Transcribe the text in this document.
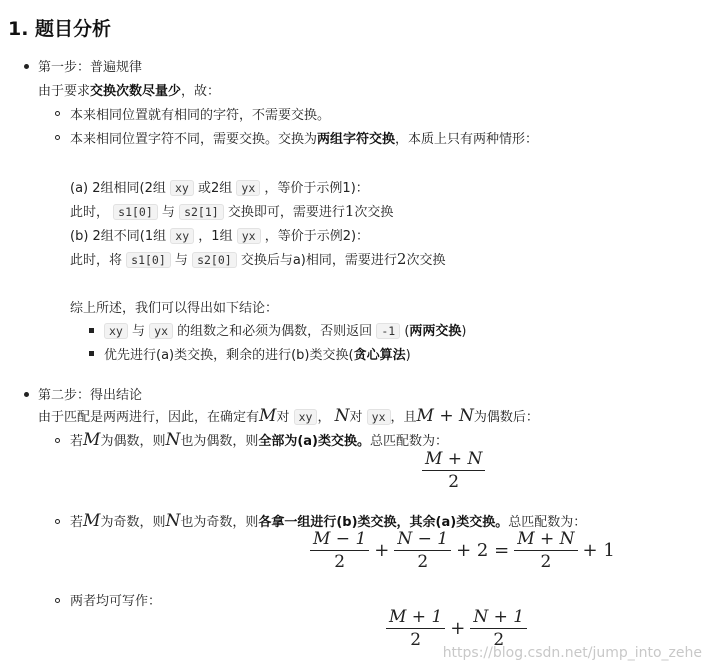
1. 题目分析
第一步：普遍规律
由于要求交换次数尽量少，故：
本来相同位置就有相同的字符，不需要交换。
本来相同位置字符不同，需要交换。交换为两组字符交换，本质上只有两种情形：
(a) 2组相同(2组 xy 或2组 yx ，等价于示例1)：
此时， s1[0] 与 s2[1] 交换即可，需要进行1次交换
(b) 2组不同(1组 xy ，1组 yx ，等价于示例2)：
此时，将 s1[0] 与 s2[0] 交换后与a)相同，需要进行2次交换
综上所述，我们可以得出如下结论：
xy 与 yx 的组数之和必须为偶数，否则返回 -1 (两两交换)
优先进行(a)类交换，剩余的进行(b)类交换(贪心算法)
第二步：得出结论
由于匹配是两两进行，因此，在确定有M对 xy ， N对 yx ，且M + N为偶数后：
若M为偶数，则N也为偶数，则全部为(a)类交换。总匹配数为：
$\frac{M + N}{2}$
若M为奇数，则N也为奇数，则各拿一组进行(b)类交换，其余(a)类交换。总匹配数为：
$\frac{M - 1}{2} + \frac{N - 1}{2} + 2 = \frac{M + N}{2} + 1$
两者均可写作：
$\frac{M + 1}{2} + \frac{N + 1}{2}$
https://blog.csdn.net/jump_into_zehe
